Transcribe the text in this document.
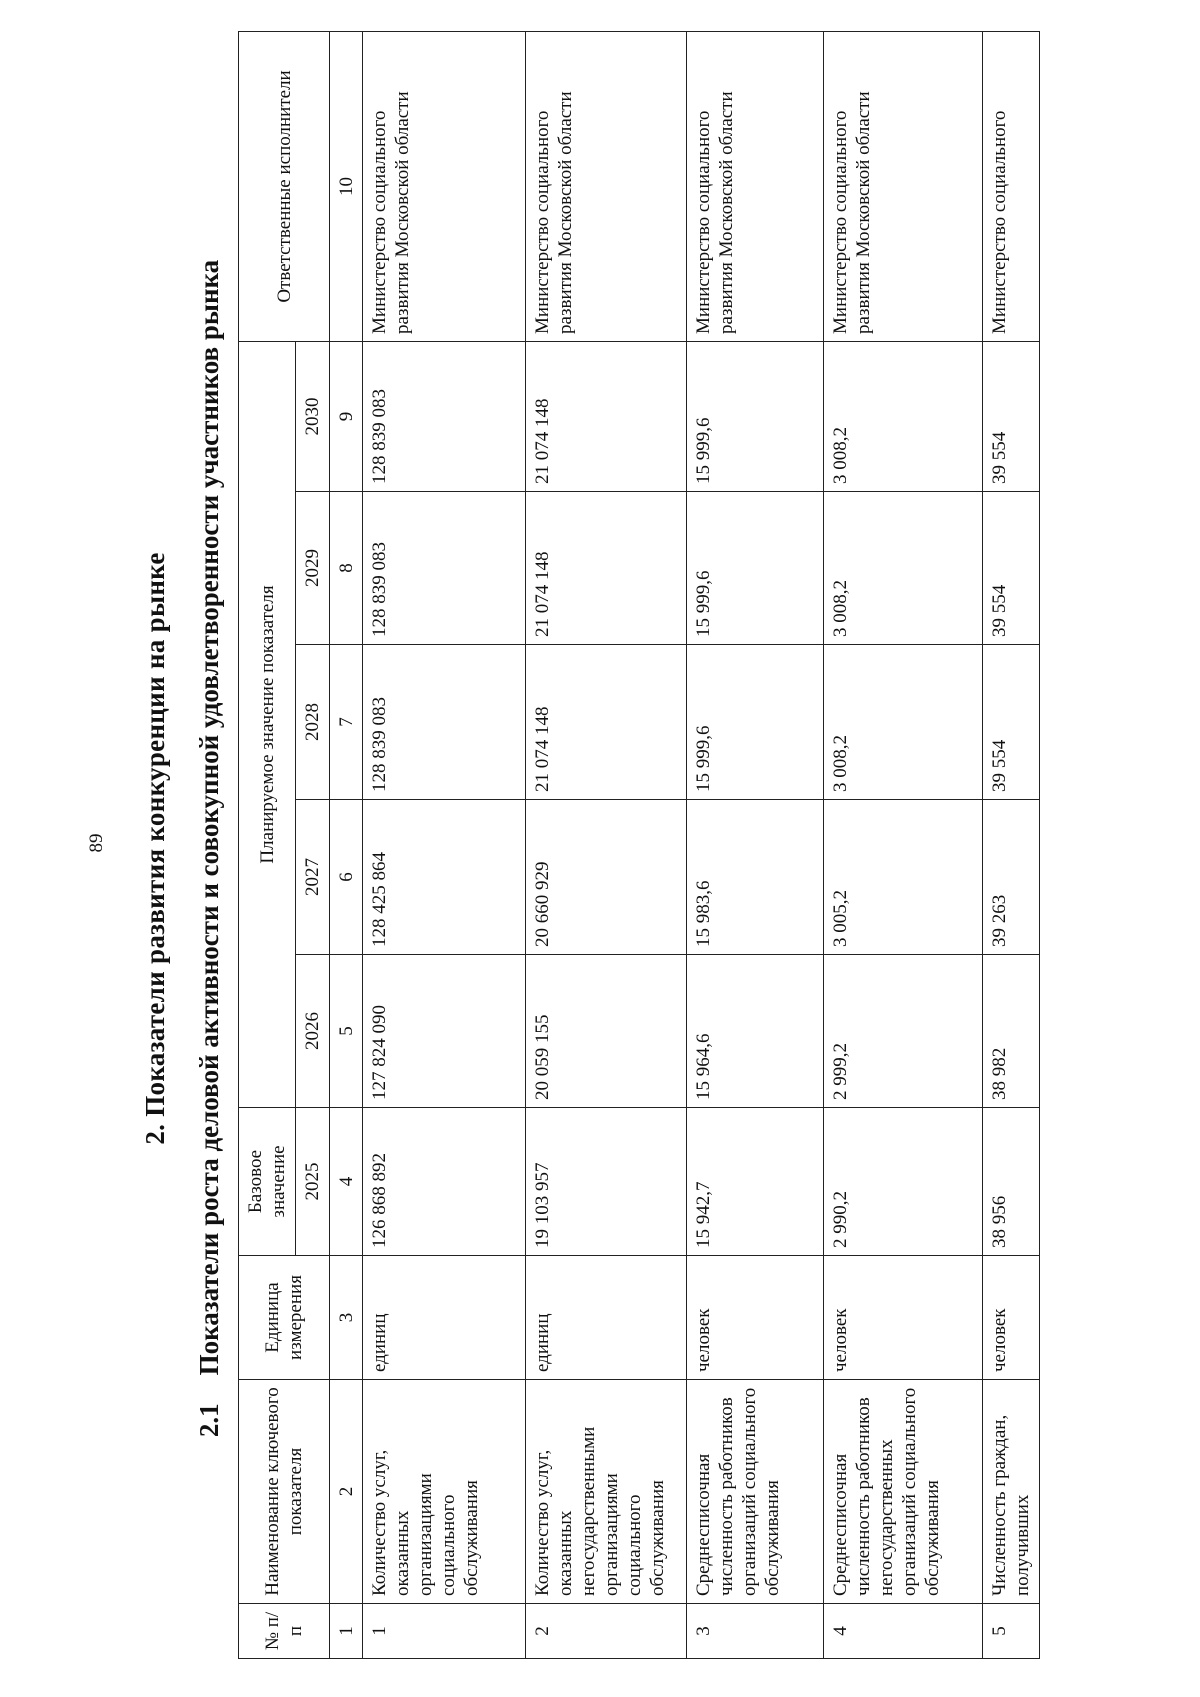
89 2. Показатели развития конкуренции на рынке
2.1Показатели роста деловой активности и совокупной удовлетворенности участников рынка
№ п/п	Наименование ключевого показателя	Единица измерения	Базовое значение	Планируемое значение показателя					Ответственные исполнители
			2025	2026	2027	2028	2029	2030	
1	2	3	4	5	6	7	8	9	10
1	Количество услуг, оказанных организациями социального обслуживания	единиц	126 868 892	127 824 090	128 425 864	128 839 083	128 839 083	128 839 083	Министерство социального развития Московской области
2	Количество услуг, оказанных негосударственными организациями социального обслуживания	единиц	19 103 957	20 059 155	20 660 929	21 074 148	21 074 148	21 074 148	Министерство социального развития Московской области
3	Среднесписочная численность работников организаций социального обслуживания	человек	15 942,7	15 964,6	15 983,6	15 999,6	15 999,6	15 999,6	Министерство социального развития Московской области
4	Среднесписочная численность работников негосударственных организаций социального обслуживания	человек	2 990,2	2 999,2	3 005,2	3 008,2	3 008,2	3 008,2	Министерство социального развития Московской области
5	Численность граждан, получивших	человек	38 956	38 982	39 263	39 554	39 554	39 554	Министерство социального
